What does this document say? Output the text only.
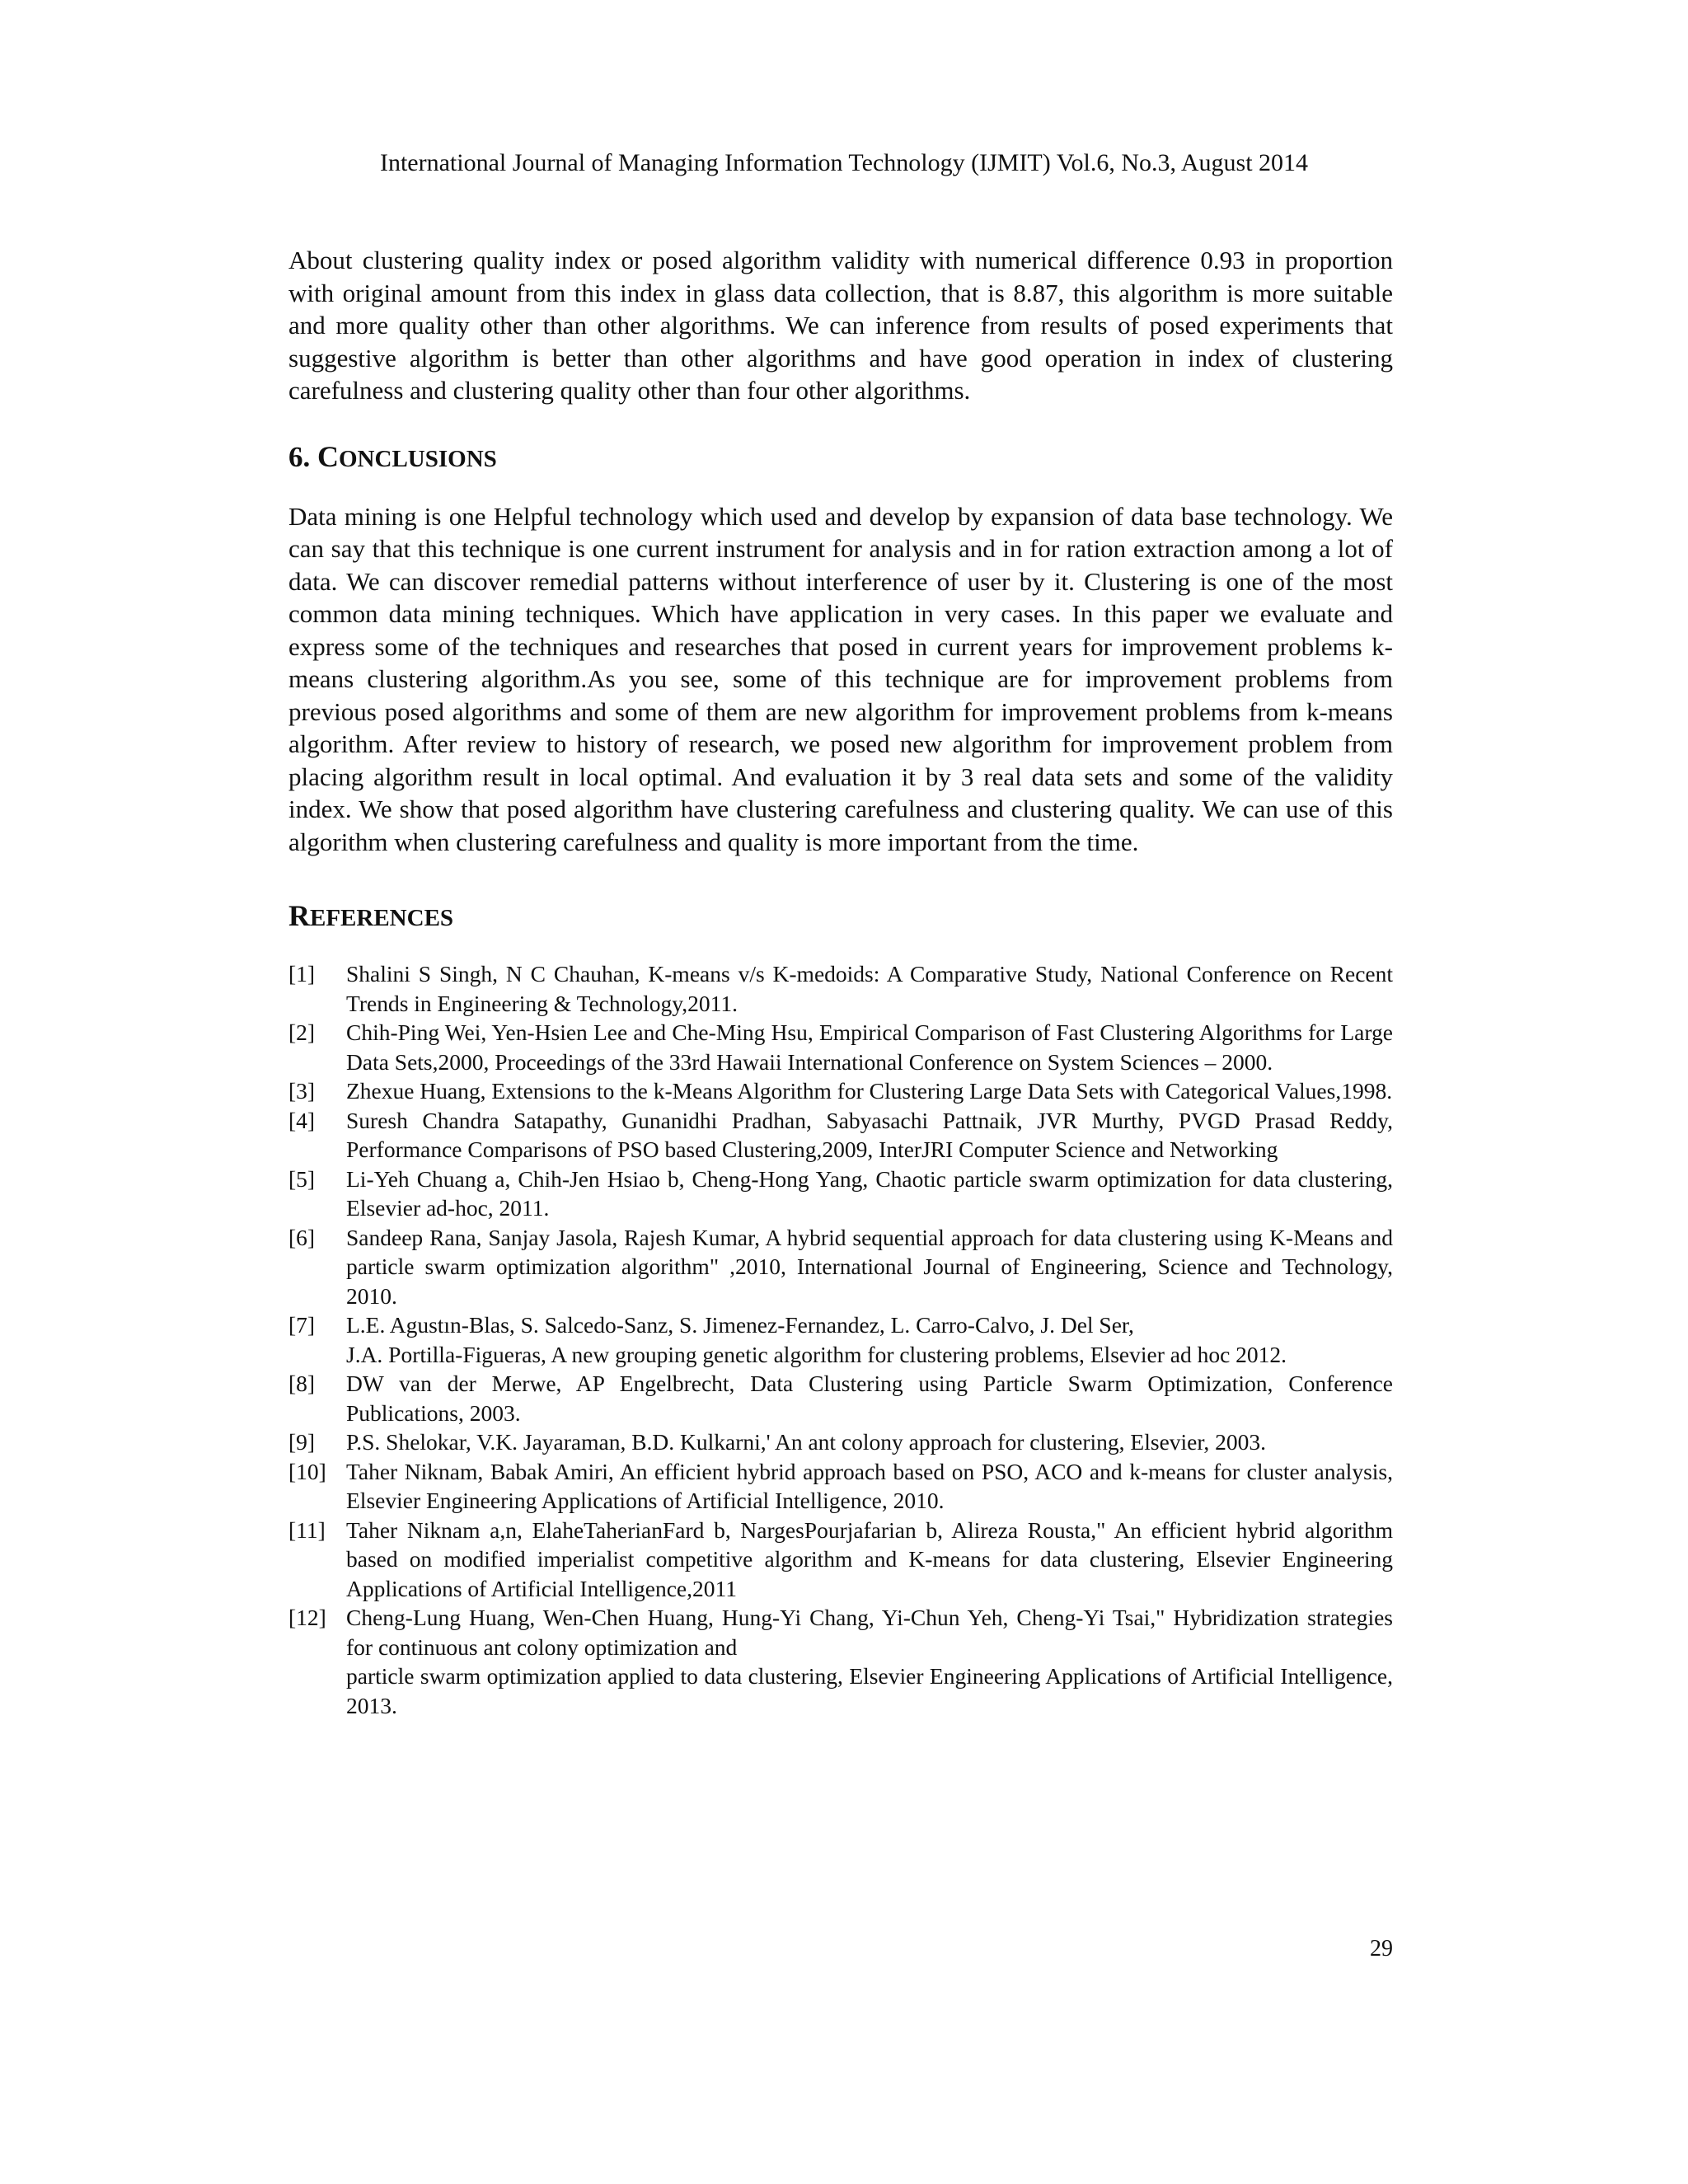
International Journal of Managing Information Technology (IJMIT) Vol.6, No.3, August 2014

About clustering quality index or posed algorithm validity with numerical difference 0.93 in proportion with original amount from this index in glass data collection, that is 8.87, this algorithm is more suitable and more quality other than other algorithms. We can inference from results of posed experiments that suggestive algorithm is better than other algorithms and have good operation in index of clustering carefulness and clustering quality other than four other algorithms.

6. CONCLUSIONS

Data mining is one Helpful technology which used and develop by expansion of data base technology. We can say that this technique is one current instrument for analysis and in for ration extraction among a lot of data. We can discover remedial patterns without interference of user by it. Clustering is one of the most common data mining techniques. Which have application in very cases. In this paper we evaluate and express some of the techniques and researches that posed in current years for improvement problems k-means clustering algorithm.As you see, some of this technique are for improvement problems from previous posed algorithms and some of them are new algorithm for improvement problems from k-means algorithm. After review to history of research, we posed new algorithm for improvement problem from placing algorithm result in local optimal. And evaluation it by 3 real data sets and some of the validity index. We show that posed algorithm have clustering carefulness and clustering quality. We can use of this algorithm when clustering carefulness and quality is more important from the time.

REFERENCES
[1]	Shalini S Singh, N C Chauhan, K-means v/s K-medoids: A Comparative Study, National Conference on Recent Trends in Engineering & Technology,2011.
[2]	Chih-Ping Wei, Yen-Hsien Lee and Che-Ming Hsu, Empirical Comparison of Fast Clustering Algorithms for Large Data Sets,2000, Proceedings of the 33rd Hawaii International Conference on System Sciences – 2000.
[3]	Zhexue Huang, Extensions to the k-Means Algorithm for Clustering Large Data Sets with Categorical Values,1998.
[4]	Suresh Chandra Satapathy, Gunanidhi Pradhan, Sabyasachi Pattnaik, JVR Murthy, PVGD Prasad Reddy, Performance Comparisons of PSO based Clustering,2009, InterJRI Computer Science and Networking
[5]	Li-Yeh Chuang a, Chih-Jen Hsiao b, Cheng-Hong Yang, Chaotic particle swarm optimization for data clustering, Elsevier ad-hoc, 2011.
[6]	Sandeep Rana, Sanjay Jasola, Rajesh Kumar, A hybrid sequential approach for data clustering using K-Means and particle swarm optimization algorithm" ,2010, International Journal of Engineering, Science and Technology, 2010.
[7]	L.E. Agustın-Blas, S. Salcedo-Sanz, S. Jimenez-Fernandez, L. Carro-Calvo, J. Del Ser,
J.A. Portilla-Figueras, A new grouping genetic algorithm for clustering problems, Elsevier ad hoc 2012.
[8]	DW van der Merwe, AP Engelbrecht, Data Clustering using Particle Swarm Optimization, Conference Publications, 2003.
[9]	P.S. Shelokar, V.K. Jayaraman, B.D. Kulkarni,' An ant colony approach for clustering, Elsevier, 2003.
[10] Taher Niknam, Babak Amiri, An efficient hybrid approach based on PSO, ACO and k-means for cluster analysis, Elsevier Engineering Applications of Artificial Intelligence, 2010.
[11] Taher Niknam a,n, ElaheTaherianFard b, NargesPourjafarian b, Alireza Rousta," An efficient hybrid algorithm based on modified imperialist competitive algorithm and K-means for data clustering, Elsevier Engineering Applications of Artificial Intelligence,2011
[12] Cheng-Lung Huang, Wen-Chen Huang, Hung-Yi Chang, Yi-Chun Yeh, Cheng-Yi Tsai," Hybridization strategies for continuous ant colony optimization and
particle swarm optimization applied to data clustering, Elsevier Engineering Applications of Artificial Intelligence, 2013.
29
